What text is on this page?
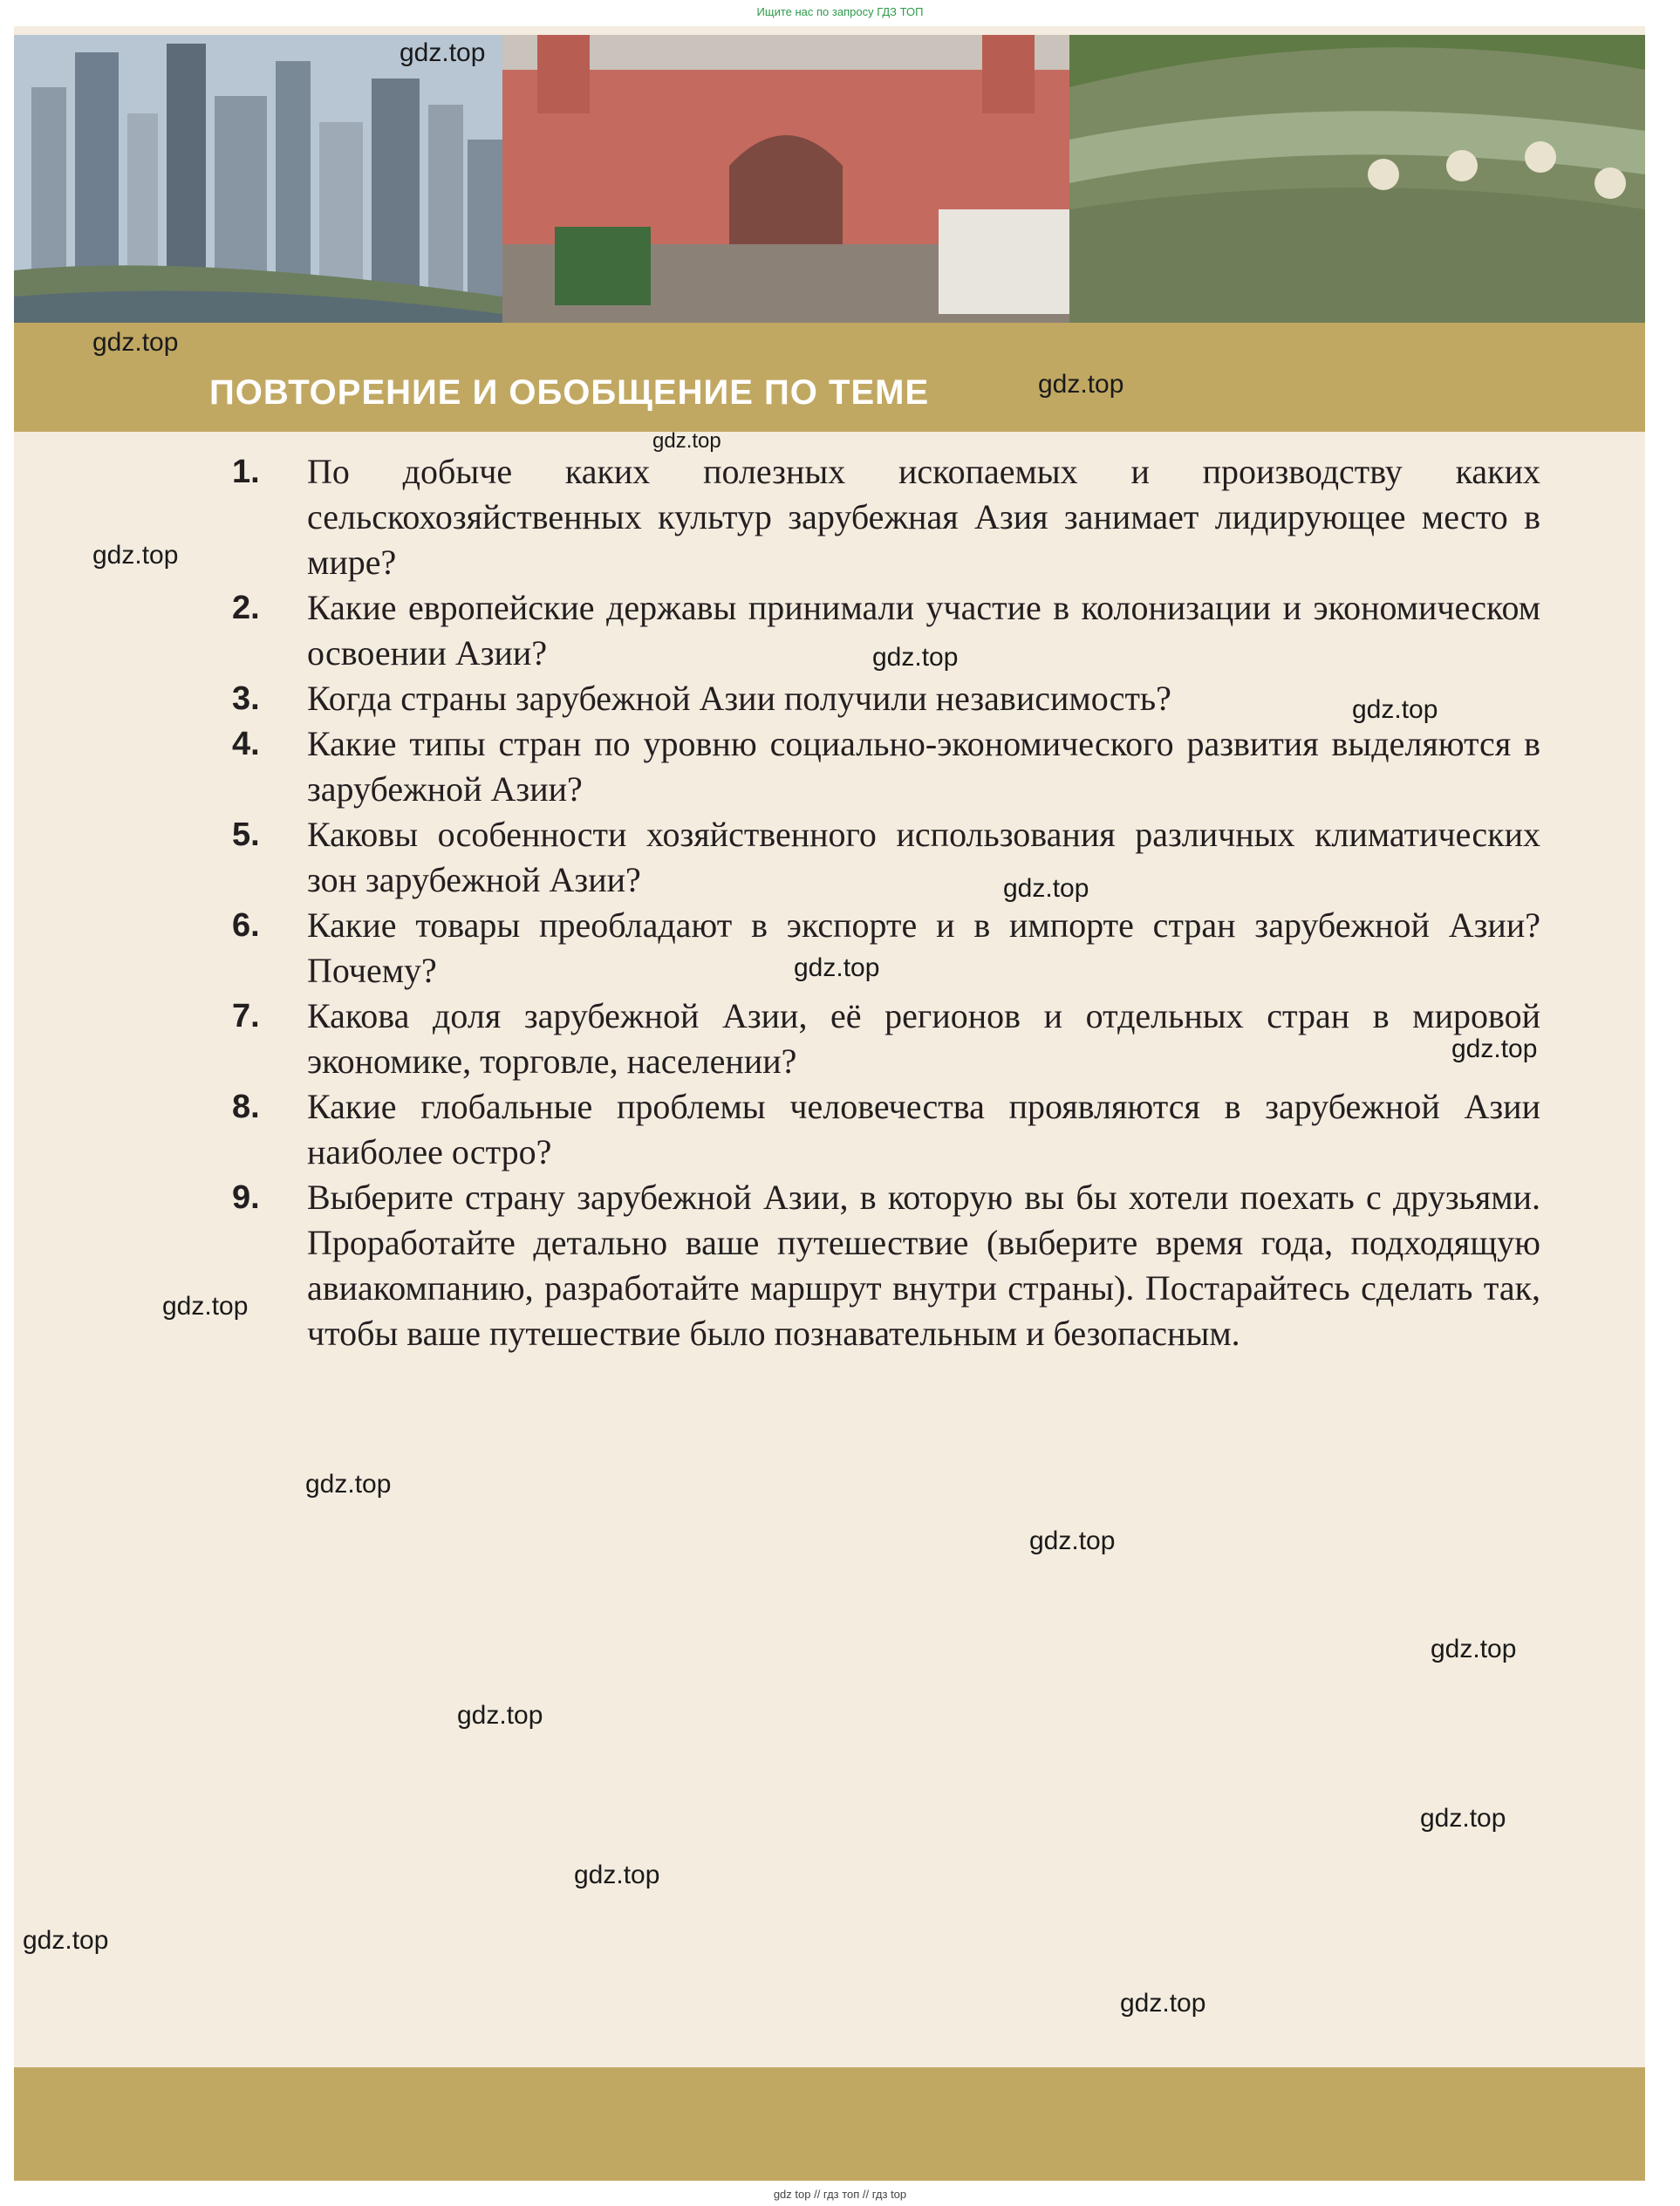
Ищите нас по запросу ГДЗ ТОП
ПОВТОРЕНИЕ И ОБОБЩЕНИЕ ПО ТЕМЕ
1.	По добыче каких полезных ископаемых и производству каких сельскохозяйственных культур зарубежная Азия занимает лидирующее место в мире?
2.	Какие европейские державы принимали участие в колонизации и экономическом освоении Азии?
3.	Когда страны зарубежной Азии получили независимость?
4.	Какие типы стран по уровню социально-экономического развития выделяются в зарубежной Азии?
5.	Каковы особенности хозяйственного использования различных климатических зон зарубежной Азии?
6.	Какие товары преобладают в экспорте и в импорте стран зарубежной Азии? Почему?
7.	Какова доля зарубежной Азии, её регионов и отдельных стран в мировой экономике, торговле, населении?
8.	Какие глобальные проблемы человечества проявляются в зарубежной Азии наиболее остро?
9.	Выберите страну зарубежной Азии, в которую вы бы хотели поехать с друзьями. Проработайте детально ваше путешествие (выберите время года, подходящую авиакомпанию, разработайте маршрут внутри страны). Постарайтесь сделать так, чтобы ваше путешествие было познавательным и безопасным.
gdz.top
gdz.top
gdz.top
gdz.top
gdz.top
gdz.top
gdz.top
gdz.top
gdz.top
gdz.top
gdz.top
gdz.top
gdz.top
gdz.top
gdz.top
gdz.top
gdz.top
gdz.top
gdz.top
gdz top // гдз топ // гдз top
